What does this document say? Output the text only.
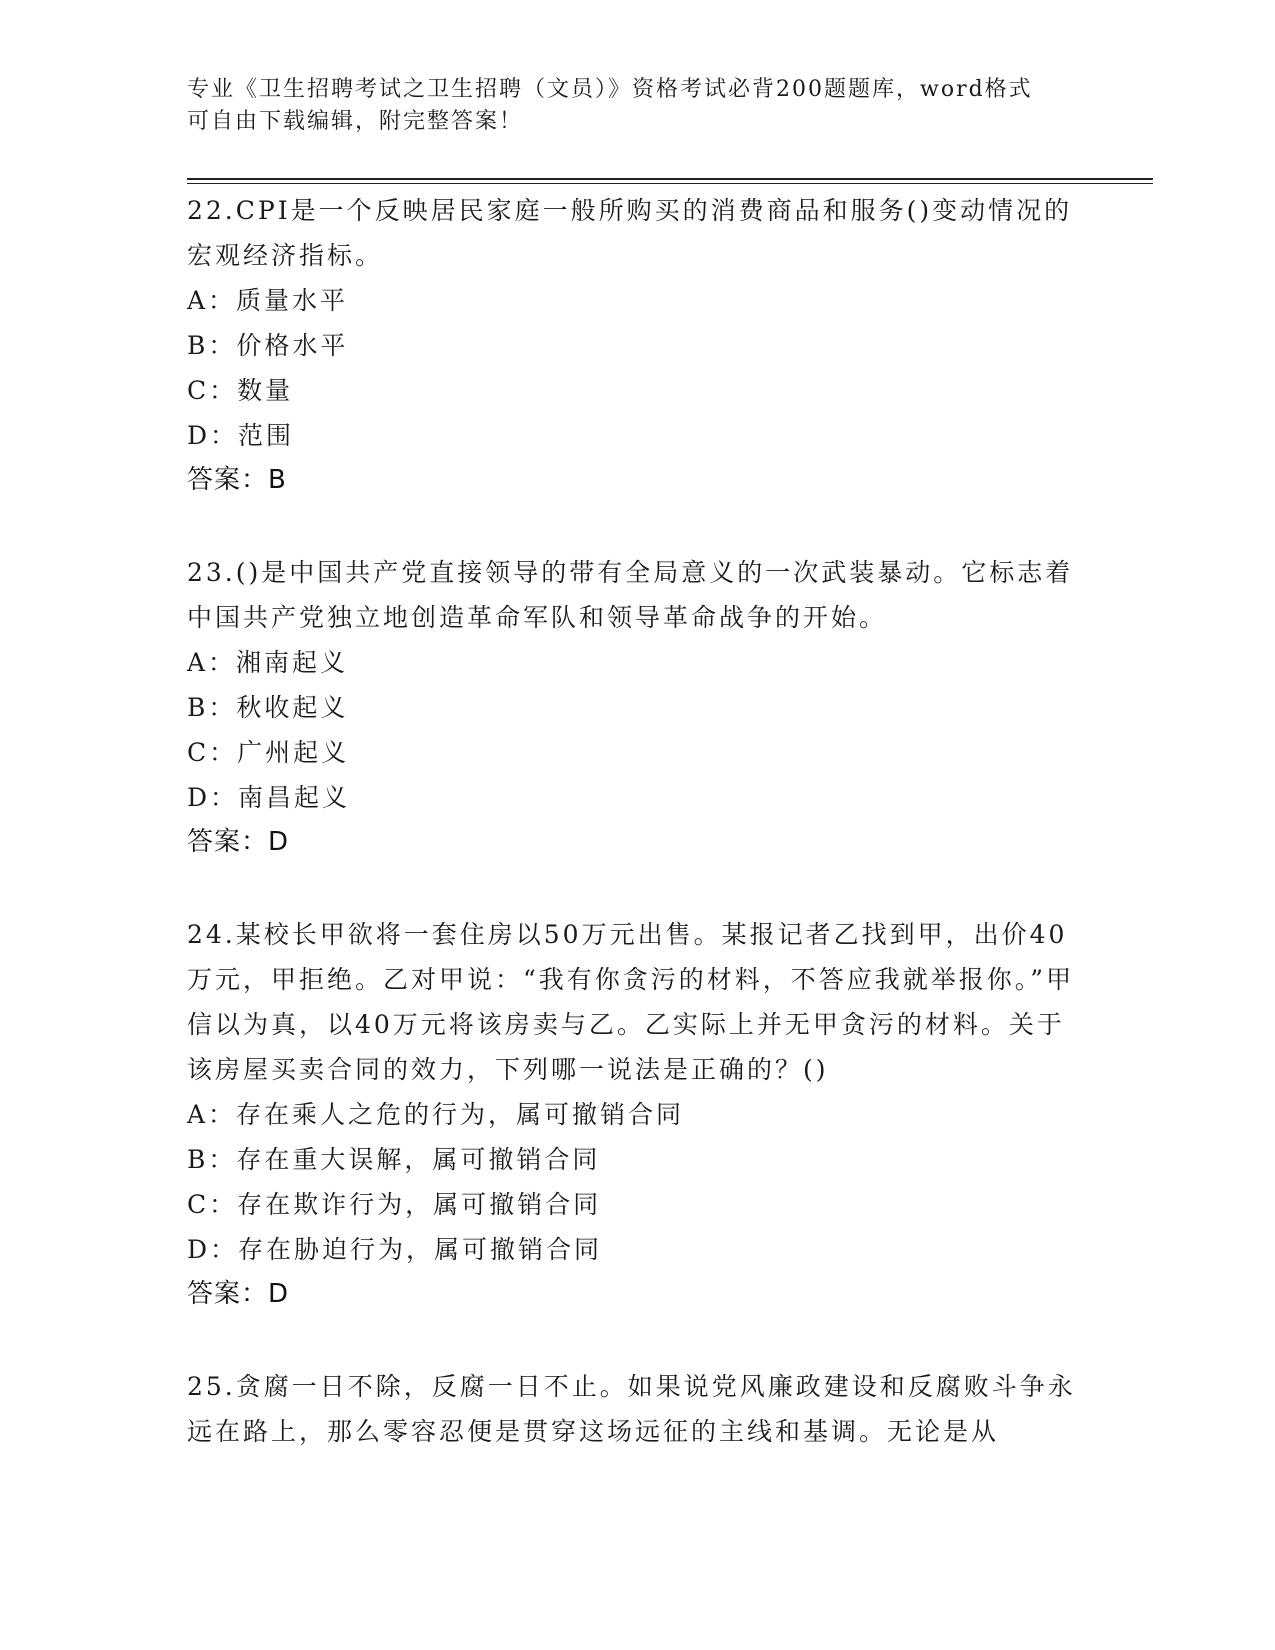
专业《卫生招聘考试之卫生招聘（文员）》资格考试必背200题题库，word格式
可自由下载编辑，附完整答案！

22.CPI是一个反映居民家庭一般所购买的消费商品和服务()变动情况的宏观经济指标。

A：质量水平

B：价格水平

C：数量

D：范围

答案：B

23.()是中国共产党直接领导的带有全局意义的一次武装暴动。它标志着中国共产党独立地创造革命军队和领导革命战争的开始。

A：湘南起义

B：秋收起义

C：广州起义

D：南昌起义

答案：D

24.某校长甲欲将一套住房以50万元出售。某报记者乙找到甲，出价40万元，甲拒绝。乙对甲说：“我有你贪污的材料，不答应我就举报你。”甲信以为真，以40万元将该房卖与乙。乙实际上并无甲贪污的材料。关于该房屋买卖合同的效力，下列哪一说法是正确的？()

A：存在乘人之危的行为，属可撤销合同

B：存在重大误解，属可撤销合同

C：存在欺诈行为，属可撤销合同

D：存在胁迫行为，属可撤销合同

答案：D

25.贪腐一日不除，反腐一日不止。如果说党风廉政建设和反腐败斗争永远在路上，那么零容忍便是贯穿这场远征的主线和基调。无论是从
